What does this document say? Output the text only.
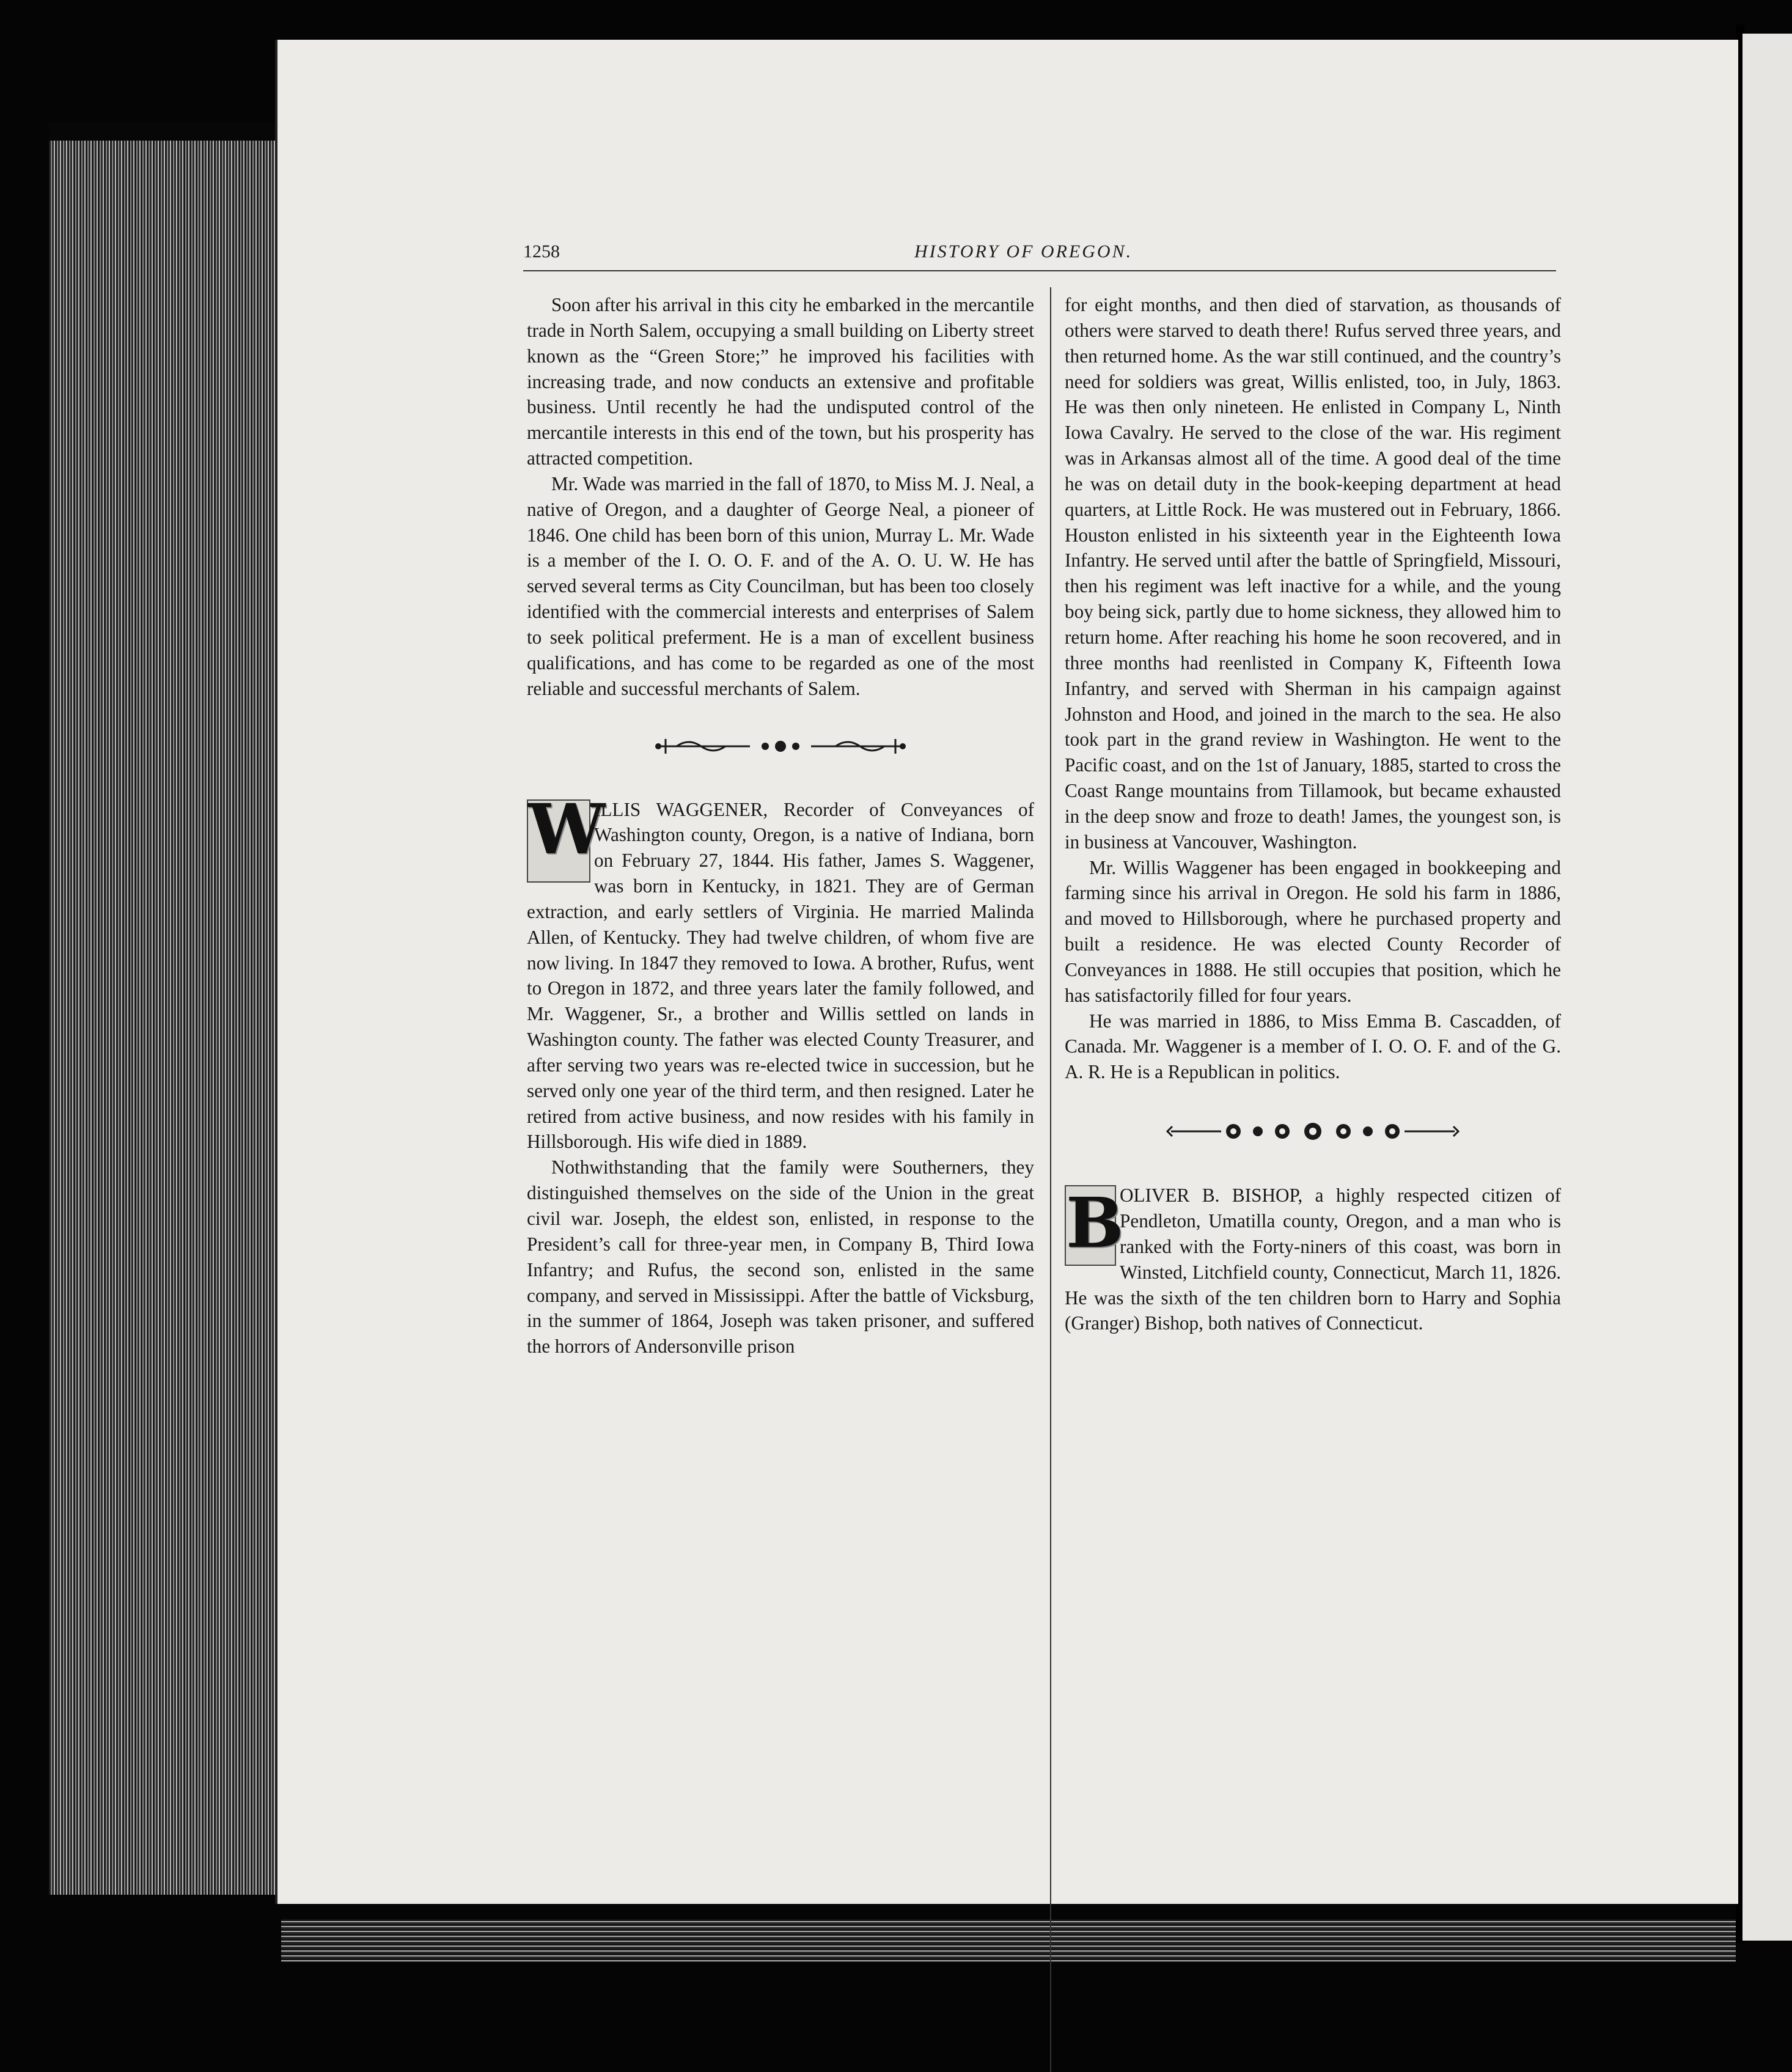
1258	HISTORY OF OREGON.

Soon after his arrival in this city he embarked in the mercantile trade in North Salem, occupying a small building on Liberty street known as the “Green Store;” he improved his facilities with increasing trade, and now conducts an extensive and profitable business. Until recently he had the undisputed control of the mercantile interests in this end of the town, but his prosperity has attracted competition.

Mr. Wade was married in the fall of 1870, to Miss M. J. Neal, a native of Oregon, and a daughter of George Neal, a pioneer of 1846. One child has been born of this union, Murray L. Mr. Wade is a member of the I. O. O. F. and of the A. O. U. W. He has served several terms as City Councilman, but has been too closely identified with the commercial interests and enterprises of Salem to seek political preferment. He is a man of excellent business qualifications, and has come to be regarded as one of the most reliable and successful merchants of Salem.

W

ILLIS WAGGENER, Recorder of Conveyances of Washington county, Oregon, is a native of Indiana, born on February 27, 1844. His father, James S. Waggener, was born in Kentucky, in 1821. They are of German extraction, and early settlers of Virginia. He married Malinda Allen, of Kentucky. They had twelve children, of whom five are now living. In 1847 they removed to Iowa. A brother, Rufus, went to Oregon in 1872, and three years later the family followed, and Mr. Waggener, Sr., a brother and Willis settled on lands in Washington county. The father was elected County Treasurer, and after serving two years was re-elected twice in succession, but he served only one year of the third term, and then resigned. Later he retired from active business, and now resides with his family in Hillsborough. His wife died in 1889.

Nothwithstanding that the family were Southerners, they distinguished themselves on the side of the Union in the great civil war. Joseph, the eldest son, enlisted, in response to the President’s call for three-year men, in Company B, Third Iowa Infantry; and Rufus, the second son, enlisted in the same company, and served in Mississippi. After the battle of Vicksburg, in the summer of 1864, Joseph was taken prisoner, and suffered the horrors of Andersonville prison

for eight months, and then died of starvation, as thousands of others were starved to death there! Rufus served three years, and then returned home. As the war still continued, and the country’s need for soldiers was great, Willis enlisted, too, in July, 1863. He was then only nineteen. He enlisted in Company L, Ninth Iowa Cavalry. He served to the close of the war. His regiment was in Arkansas almost all of the time. A good deal of the time he was on detail duty in the book-keeping department at head quarters, at Little Rock. He was mustered out in February, 1866. Houston enlisted in his sixteenth year in the Eighteenth Iowa Infantry. He served until after the battle of Springfield, Missouri, then his regiment was left inactive for a while, and the young boy being sick, partly due to home sickness, they allowed him to return home. After reaching his home he soon recovered, and in three months had reenlisted in Company K, Fifteenth Iowa Infantry, and served with Sherman in his campaign against Johnston and Hood, and joined in the march to the sea. He also took part in the grand review in Washington. He went to the Pacific coast, and on the 1st of January, 1885, started to cross the Coast Range mountains from Tillamook, but became exhausted in the deep snow and froze to death! James, the youngest son, is in business at Vancouver, Washington.

Mr. Willis Waggener has been engaged in bookkeeping and farming since his arrival in Oregon. He sold his farm in 1886, and moved to Hillsborough, where he purchased property and built a residence. He was elected County Recorder of Conveyances in 1888. He still occupies that position, which he has satisfactorily filled for four years.

He was married in 1886, to Miss Emma B. Cascadden, of Canada. Mr. Waggener is a member of I. O. O. F. and of the G. A. R. He is a Republican in politics.

B

OLIVER B. BISHOP, a highly respected citizen of Pendleton, Umatilla county, Oregon, and a man who is ranked with the Forty-niners of this coast, was born in Winsted, Litchfield county, Connecticut, March 11, 1826. He was the sixth of the ten children born to Harry and Sophia (Granger) Bishop, both natives of Connecticut.
